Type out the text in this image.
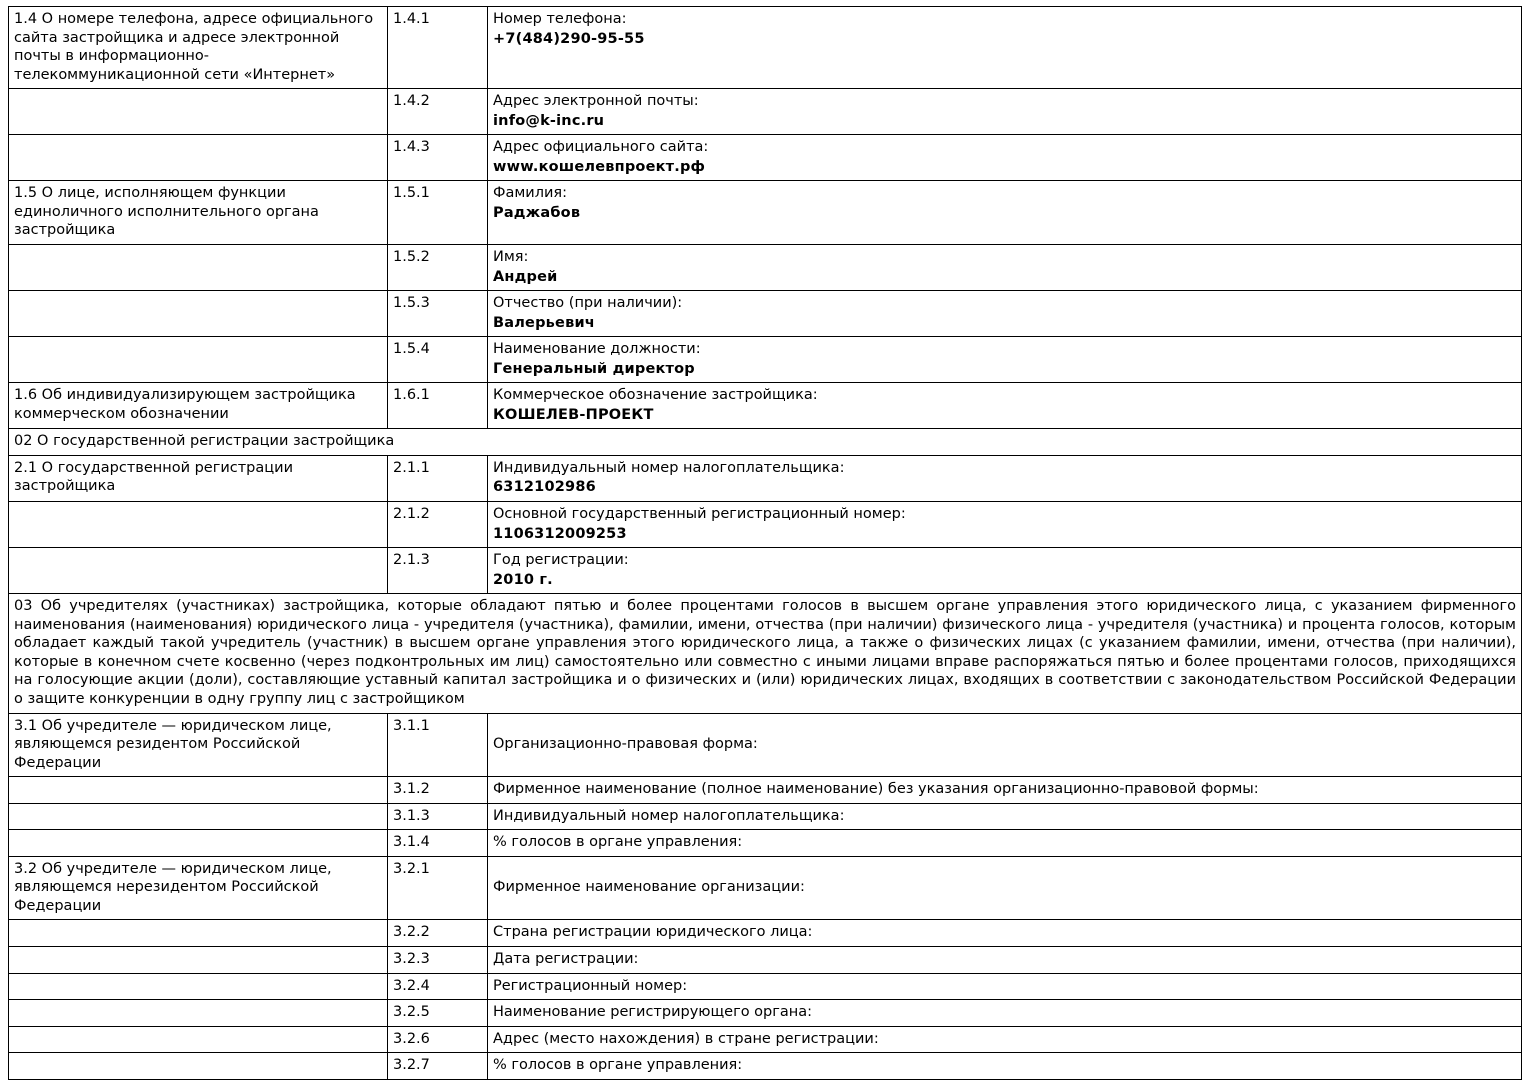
1.4 О номере телефона, адресе официального сайта застройщика и адресе электронной почты в информационно-телекоммуникационной сети «Интернет»	1.4.1	Номер телефона:
+7(484)290-95-55

	1.4.2	Адрес электронной почты:
info@k-inc.ru

	1.4.3	Адрес официального сайта:
www.кошелевпроект.рф

1.5 О лице, исполняющем функции единоличного исполнительного органа застройщика	1.5.1	Фамилия:
Раджабов

	1.5.2	Имя:
Андрей

	1.5.3	Отчество (при наличии):
Валерьевич

	1.5.4	Наименование должности:
Генеральный директор

1.6 Об индивидуализирующем застройщика коммерческом обозначении	1.6.1	Коммерческое обозначение застройщика:
КОШЕЛЕВ-ПРОЕКТ

02 О государственной регистрации застройщика		
2.1 О государственной регистрации застройщика	2.1.1	Индивидуальный номер налогоплательщика:
6312102986

	2.1.2	Основной государственный регистрационный номер:
1106312009253

	2.1.3	Год регистрации:
2010 г.

03 Об учредителях (участниках) застройщика, которые обладают пятью и более процентами голосов в высшем органе управления этого юридического лица, с указанием фирменного наименования (наименования) юридического лица - учредителя (участника), фамилии, имени, отчества (при наличии) физического лица - учредителя (участника) и процента голосов, которым обладает каждый такой учредитель (участник) в высшем органе управления этого юридического лица, а также о физических лицах (с указанием фамилии, имени, отчества (при наличии), которые в конечном счете косвенно (через подконтрольных им лиц) самостоятельно или совместно с иными лицами вправе распоряжаться пятью и более процентами голосов, приходящихся на голосующие акции (доли), составляющие уставный капитал застройщика и о физических и (или) юридических лицах, входящих в соответствии с законодательством Российской Федерации о защите конкуренции в одну группу лиц с застройщиком		
3.1 Об учредителе — юридическом лице, являющемся резидентом Российской Федерации	3.1.1	Организационно-правовая форма:
	3.1.2	Фирменное наименование (полное наименование) без указания организационно-правовой формы:
	3.1.3	Индивидуальный номер налогоплательщика:
	3.1.4	% голосов в органе управления:
3.2 Об учредителе — юридическом лице, являющемся нерезидентом Российской Федерации	3.2.1	Фирменное наименование организации:
	3.2.2	Страна регистрации юридического лица:
	3.2.3	Дата регистрации:
	3.2.4	Регистрационный номер:
	3.2.5	Наименование регистрирующего органа:
	3.2.6	Адрес (место нахождения) в стране регистрации:
	3.2.7	% голосов в органе управления:
